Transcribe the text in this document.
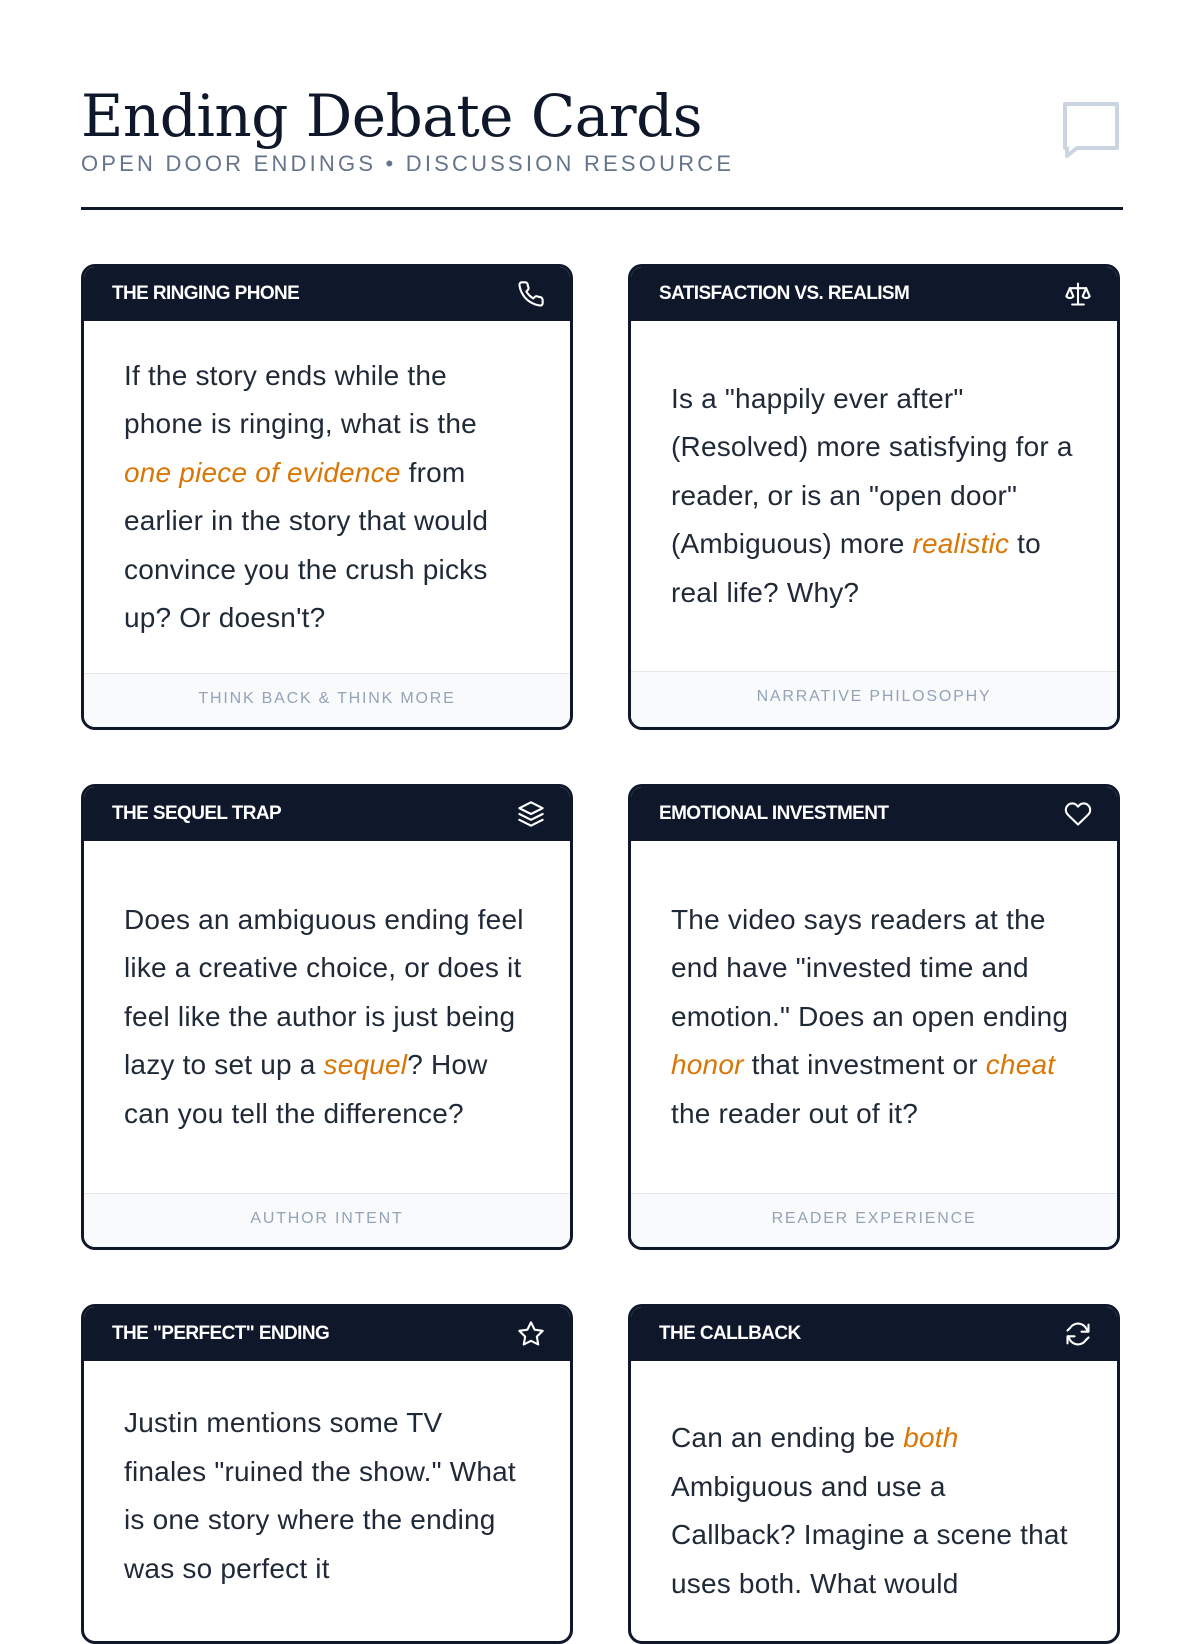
Ending Debate Cards
OPEN DOOR ENDINGS • DISCUSSION RESOURCE
THE RINGING PHONE
If the story ends while the phone is ringing, what is the one piece of evidence from earlier in the story that would convince you the crush picks up? Or doesn't?
THINK BACK & THINK MORE
SATISFACTION VS. REALISM
Is a "happily ever after" (Resolved) more satisfying for a reader, or is an "open door" (Ambiguous) more realistic to real life? Why?
NARRATIVE PHILOSOPHY
THE SEQUEL TRAP
Does an ambiguous ending feel like a creative choice, or does it feel like the author is just being lazy to set up a sequel? How can you tell the difference?
AUTHOR INTENT
EMOTIONAL INVESTMENT
The video says readers at the end have "invested time and emotion." Does an open ending honor that investment or cheat the reader out of it?
READER EXPERIENCE
THE "PERFECT" ENDING
Justin mentions some TV finales "ruined the show." What is one story where the ending was so perfect it
THE CALLBACK
Can an ending be both Ambiguous and use a Callback? Imagine a scene that uses both. What would
